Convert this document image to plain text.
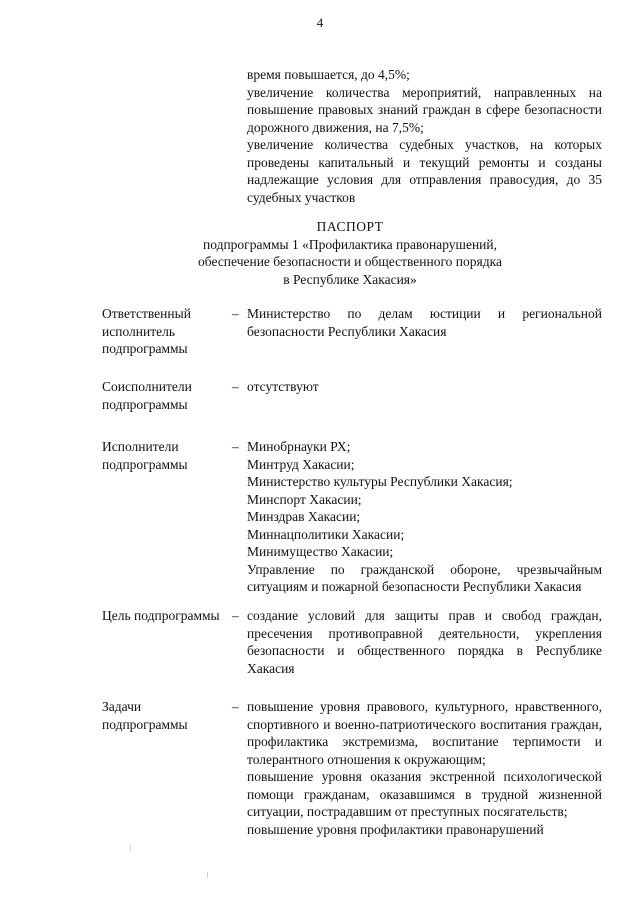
4
время повышается, до 4,5%;
увеличение количества мероприятий, направленных на повышение правовых знаний граждан в сфере безопасности дорожного движения, на 7,5%;
увеличение количества судебных участков, на которых проведены капитальный и текущий ремонты и созданы надлежащие условия для отправления правосудия, до 35 судебных участков
ПАСПОРТ
подпрограммы 1 «Профилактика правонарушений,
обеспечение безопасности и общественного порядка
в Республике Хакасия»
Ответственный исполнитель подпрограммы
– Министерство по делам юстиции и региональной безопасности Республики Хакасия
Соисполнители подпрограммы
– отсутствуют
Исполнители подпрограммы
– Минобрнауки РХ;
Минтруд Хакасии;
Министерство культуры Республики Хакасия;
Минспорт Хакасии;
Минздрав Хакасии;
Миннацполитики Хакасии;
Минимущество Хакасии;
Управление по гражданской обороне, чрезвычайным ситуациям и пожарной безопасности Республики Хакасия
Цель подпрограммы – создание условий для защиты прав и свобод граждан, пресечения противоправной деятельности, укрепления безопасности и общественного порядка в Республике Хакасия
Задачи подпрограммы
– повышение уровня правового, культурного, нравственного, спортивного и военно-патриотического воспитания граждан, профилактика экстремизма, воспитание терпимости и толерантного отношения к окружающим;
повышение уровня оказания экстренной психологической помощи гражданам, оказавшимся в трудной жизненной ситуации, пострадавшим от преступных посягательств;
повышение уровня профилактики правонарушений
